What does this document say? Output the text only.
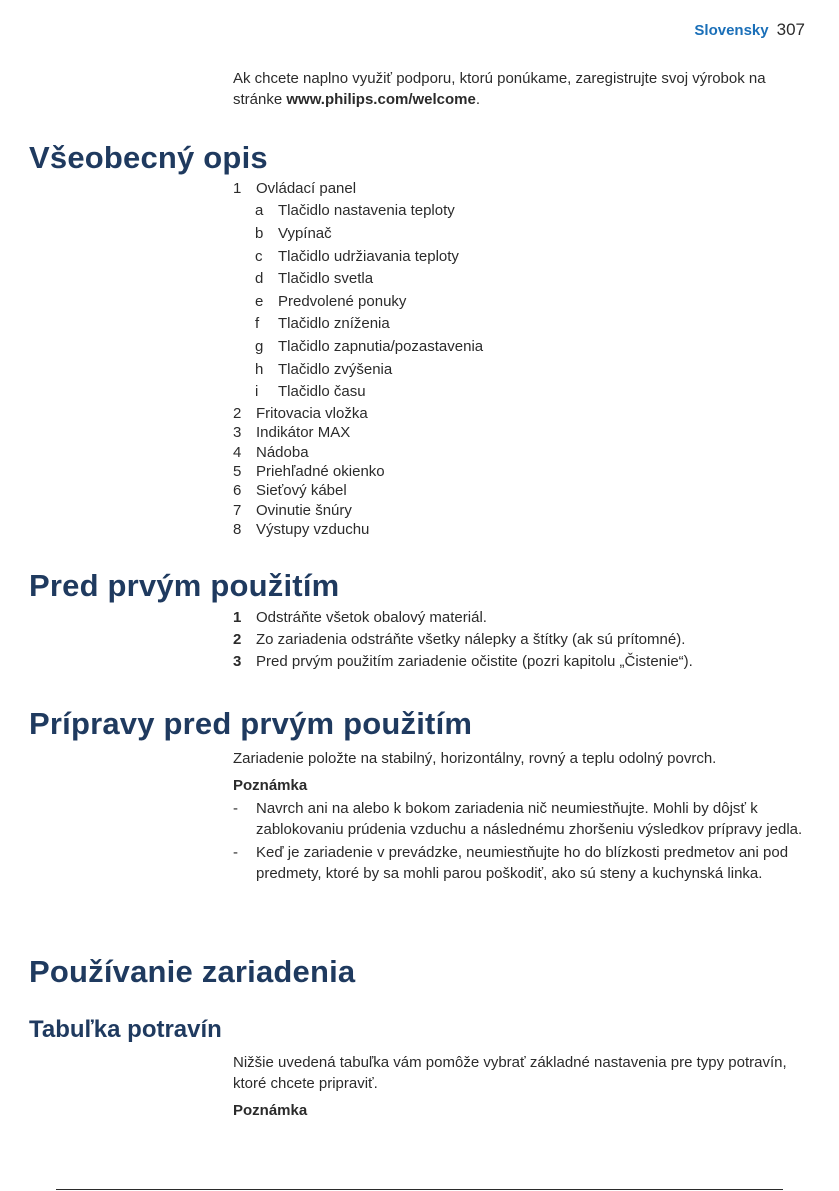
Slovensky 307
Ak chcete naplno využiť podporu, ktorú ponúkame, zaregistrujte svoj výrobok na stránke www.philips.com/welcome.
Všeobecný opis
1 Ovládací panel
a Tlačidlo nastavenia teploty
b Vypínač
c	Tlačidlo udržiavania teploty
d Tlačidlo svetla
e Predvolené ponuky
f	Tlačidlo zníženia
g Tlačidlo zapnutia/pozastavenia
h Tlačidlo zvýšenia
i	Tlačidlo času
2 Fritovacia vložka
3 Indikátor MAX
4 Nádoba
5 Priehľadné okienko
6 Sieťový kábel
7 Ovinutie šnúry
8 Výstupy vzduchu
Pred prvým použitím
1 Odstráňte všetok obalový materiál.
2 Zo zariadenia odstráňte všetky nálepky a štítky (ak sú prítomné).
3 Pred prvým použitím zariadenie očistite (pozri kapitolu „Čistenie“).
Prípravy pred prvým použitím

Zariadenie položte na stabilný, horizontálny, rovný a teplu odolný povrch.

Poznámka
-	Navrch ani na alebo k bokom zariadenia nič neumiestňujte. Mohli by dôjsť k zablokovaniu prúdenia vzduchu a následnému zhoršeniu výsledkov prípravy jedla.
-	Keď je zariadenie v prevádzke, neumiestňujte ho do blízkosti predmetov ani pod predmety, ktoré by sa mohli parou poškodiť, ako sú steny a kuchynská linka.
Používanie zariadenia
Tabuľka potravín

Nižšie uvedená tabuľka vám pomôže vybrať základné nastavenia pre typy potravín, ktoré chcete pripraviť.

Poznámka
